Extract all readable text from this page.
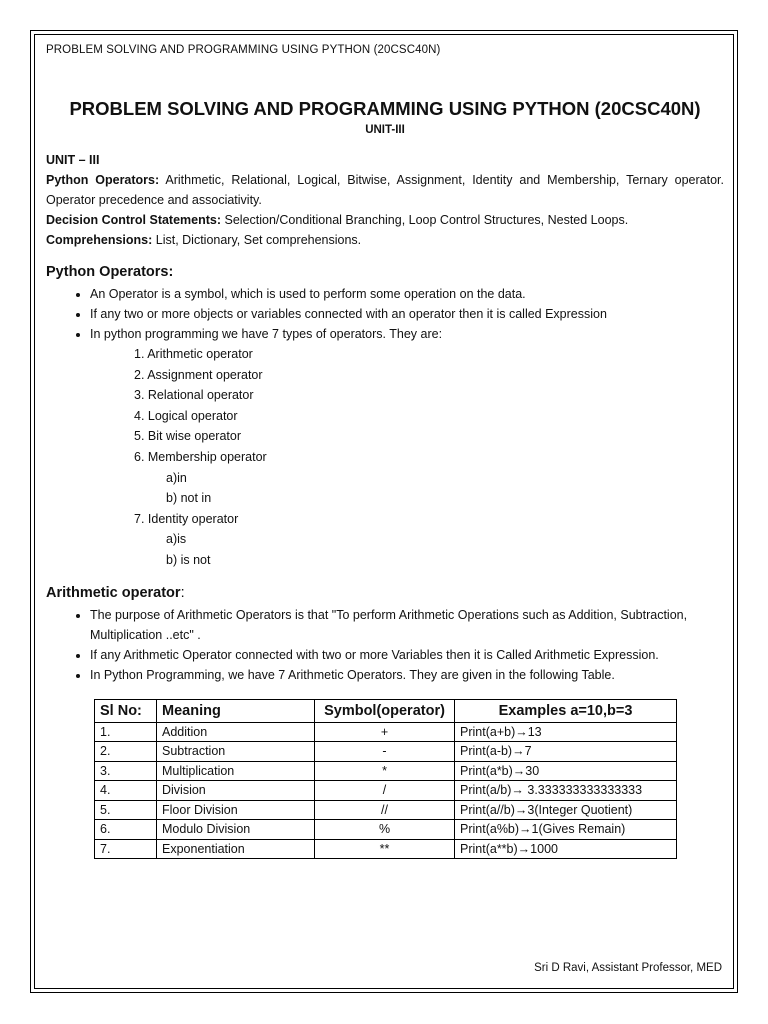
PROBLEM SOLVING AND PROGRAMMING USING PYTHON (20CSC40N)
PROBLEM SOLVING AND PROGRAMMING USING PYTHON (20CSC40N)
UNIT-III
UNIT – III
Python Operators: Arithmetic, Relational, Logical, Bitwise, Assignment, Identity and Membership, Ternary operator. Operator precedence and associativity.
Decision Control Statements: Selection/Conditional Branching, Loop Control Structures, Nested Loops.
Comprehensions: List, Dictionary, Set comprehensions.
Python Operators:
• An Operator is a symbol, which is used to perform some operation on the data.
• If any two or more objects or variables connected with an operator then it is called Expression
• In python programming we have 7 types of operators. They are:
1. Arithmetic operator
2. Assignment operator
3. Relational operator
4. Logical operator
5. Bit wise operator
6. Membership operator
a)in
b) not in
7. Identity operator
a)is
b) is not
Arithmetic operator:
• The purpose of Arithmetic Operators is that "To perform Arithmetic Operations such as Addition, Subtraction, Multiplication ..etc" .
• If any Arithmetic Operator connected with two or more Variables then it is Called Arithmetic Expression.
• In Python Programming, we have 7 Arithmetic Operators. They are given in the following Table.
Sl No:	Meaning	Symbol(operator)	Examples a=10,b=3
1.	Addition	+	Print(a+b)→13
2.	Subtraction	-	Print(a-b)→7
3.	Multiplication	*	Print(a*b)→30
4.	Division	/	Print(a/b)→ 3.333333333333333
5.	Floor Division	//	Print(a//b)→3(Integer Quotient)
6.	Modulo Division	%	Print(a%b)→1(Gives Remain)
7.	Exponentiation	**	Print(a**b)→1000
Sri D Ravi, Assistant Professor, MED
